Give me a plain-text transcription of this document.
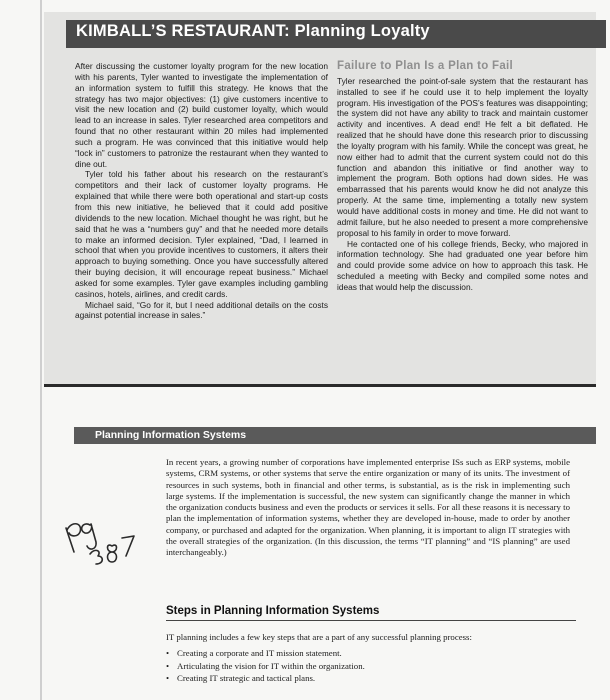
KIMBALL’S RESTAURANT: Planning Loyalty

After discussing the customer loyalty program for the new location with his parents, Tyler wanted to investigate the implementation of an information system to fulfill this strategy. He knows that the strategy has two major objectives: (1) give customers incentive to visit the new location and (2) build customer loyalty, which would lead to an increase in sales. Tyler researched area competitors and found that no other restaurant within 20 miles had implemented such a program. He was convinced that this initiative would help “lock in” customers to patronize the restaurant when they wanted to dine out.

Tyler told his father about his research on the restaurant’s competitors and their lack of customer loyalty programs. He explained that while there were both operational and start-up costs from this new initiative, he believed that it could add positive dividends to the new location. Michael thought he was right, but he said that he was a “numbers guy” and that he needed more details to make an informed decision. Tyler explained, “Dad, I learned in school that when you provide incentives to customers, it alters their approach to buying something. Once you have successfully altered their buying decision, it will encourage repeat business.” Michael asked for some examples. Tyler gave examples including gambling casinos, hotels, airlines, and credit cards.

Michael said, “Go for it, but I need additional details on the costs against potential increase in sales.”

Failure to Plan Is a Plan to Fail

Tyler researched the point-of-sale system that the restaurant has installed to see if he could use it to help implement the loyalty program. His investigation of the POS’s features was disappointing; the system did not have any ability to track and maintain customer activity and incentives. A dead end! He felt a bit deflated. He realized that he should have done this research prior to discussing the loyalty program with his family. While the concept was great, he now either had to admit that the current system could not do this function and abandon this initiative or find another way to implement the program. Both options had down sides. He was embarrassed that his parents would know he did not analyze this properly. At the same time, implementing a totally new system would have additional costs in money and time. He did not want to admit failure, but he also needed to present a more comprehensive proposal to his family in order to move forward.

He contacted one of his college friends, Becky, who majored in information technology. She had graduated one year before him and could provide some advice on how to approach this task. He scheduled a meeting with Becky and compiled some notes and ideas that would help the discussion.

Planning Information Systems

In recent years, a growing number of corporations have implemented enterprise ISs such as ERP systems, mobile systems, CRM systems, or other systems that serve the entire organization or many of its units. The investment of resources in such systems, both in financial and other terms, is substantial, as is the risk in implementing such large systems. If the implementation is successful, the new system can significantly change the manner in which the organization conducts business and even the products or services it sells. For all these reasons it is necessary to plan the implementation of information systems, whether they are developed in-house, made to order by another company, or purchased and adapted for the organization. When planning, it is important to align IT strategies with the overall strategies of the organization. (In this discussion, the terms “IT planning” and “IS planning” are used interchangeably.)

Steps in Planning Information Systems
IT planning includes a few key steps that are a part of any successful planning process:
• Creating a corporate and IT mission statement.
• Articulating the vision for IT within the organization.
• Creating IT strategic and tactical plans.
